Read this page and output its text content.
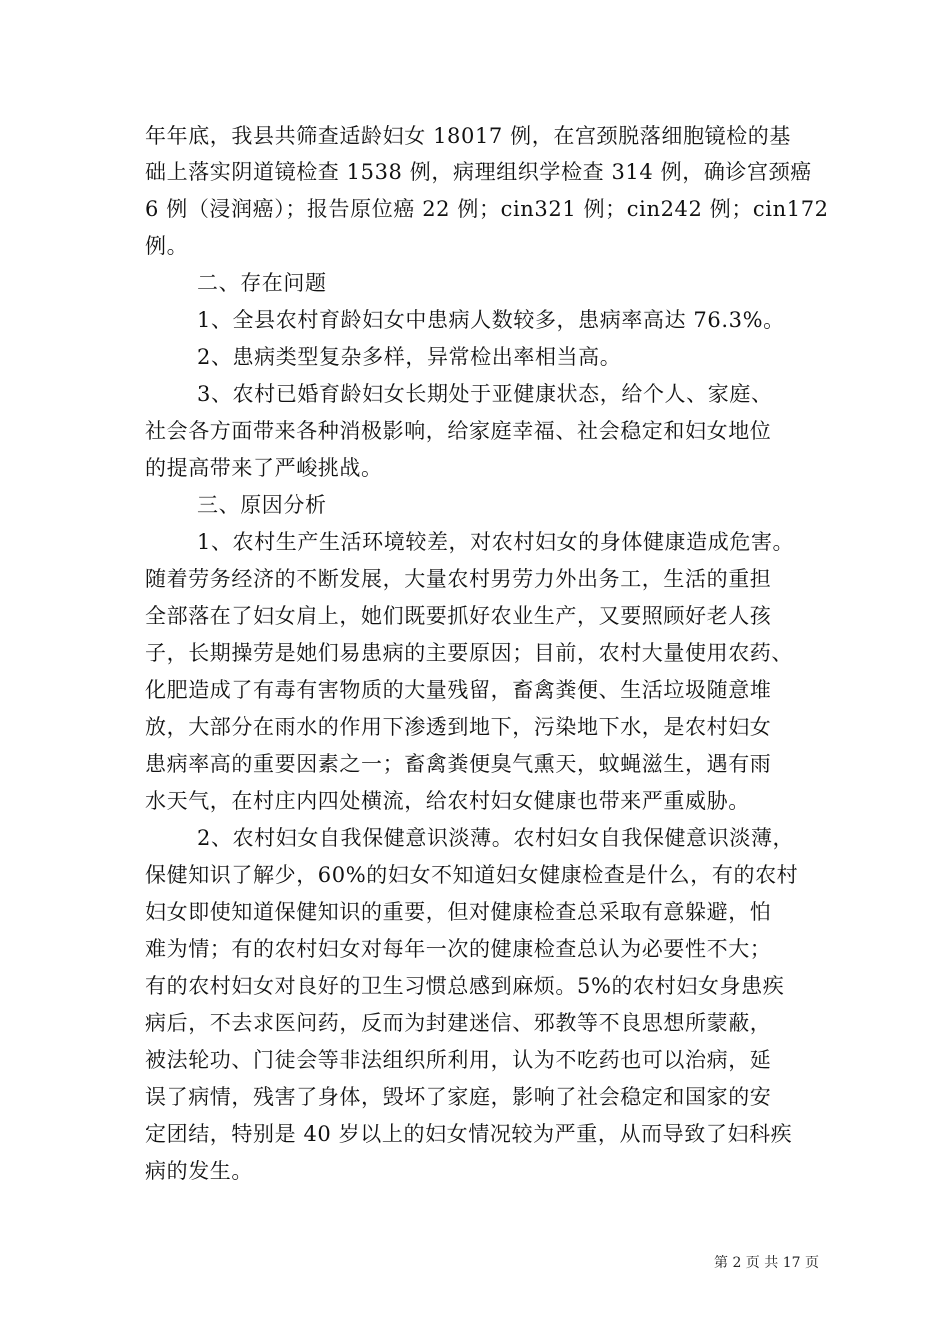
年年底，我县共筛查适龄妇女 18017 例，在宫颈脱落细胞镜检的基
础上落实阴道镜检查 1538 例，病理组织学检查 314 例，确诊宫颈癌
6 例（浸润癌）；报告原位癌 22 例；cin321 例；cin242 例；cin172
例。
二、存在问题
1、全县农村育龄妇女中患病人数较多，患病率高达 76.3%。
2、患病类型复杂多样，异常检出率相当高。
3、农村已婚育龄妇女长期处于亚健康状态，给个人、家庭、
社会各方面带来各种消极影响，给家庭幸福、社会稳定和妇女地位
的提高带来了严峻挑战。
三、原因分析
1、农村生产生活环境较差，对农村妇女的身体健康造成危害。
随着劳务经济的不断发展，大量农村男劳力外出务工，生活的重担
全部落在了妇女肩上，她们既要抓好农业生产，又要照顾好老人孩
子，长期操劳是她们易患病的主要原因；目前，农村大量使用农药、
化肥造成了有毒有害物质的大量残留，畜禽粪便、生活垃圾随意堆
放，大部分在雨水的作用下渗透到地下，污染地下水，是农村妇女
患病率高的重要因素之一；畜禽粪便臭气熏天，蚊蝇滋生，遇有雨
水天气，在村庄内四处横流，给农村妇女健康也带来严重威胁。
2、农村妇女自我保健意识淡薄。农村妇女自我保健意识淡薄，
保健知识了解少，60%的妇女不知道妇女健康检查是什么，有的农村
妇女即使知道保健知识的重要，但对健康检查总采取有意躲避，怕
难为情；有的农村妇女对每年一次的健康检查总认为必要性不大；
有的农村妇女对良好的卫生习惯总感到麻烦。5%的农村妇女身患疾
病后，不去求医问药，反而为封建迷信、邪教等不良思想所蒙蔽，
被法轮功、门徒会等非法组织所利用，认为不吃药也可以治病，延
误了病情，残害了身体，毁坏了家庭，影响了社会稳定和国家的安
定团结，特别是 40 岁以上的妇女情况较为严重，从而导致了妇科疾
病的发生。
第 2 页 共 17 页
